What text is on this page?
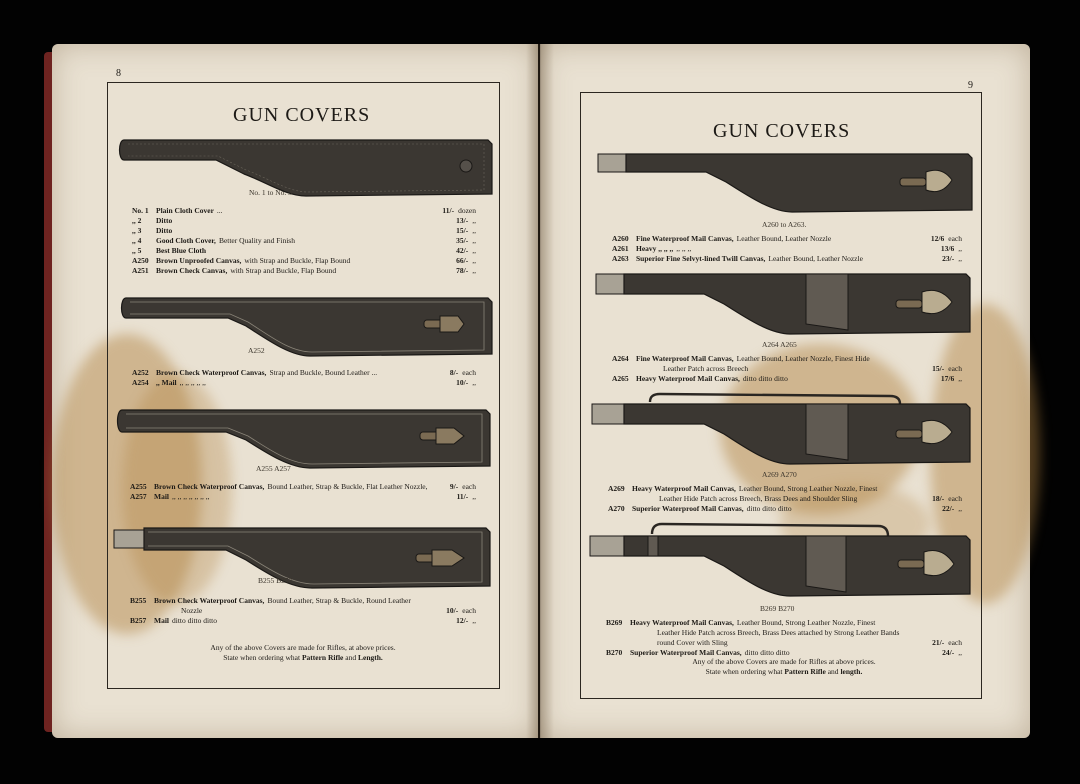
8
GUN COVERS
No. 1 to No. 5
No. 1 Plain Cloth Cover ...	11/- dozen
,, 2	Ditto	13/- ,,
,, 3	Ditto	15/- ,,
,, 4	Good Cloth Cover, Better Quality and Finish	35/- ,,
,, 5	Best Blue Cloth	42/- ,,
A250 Brown Unproofed Canvas, with Strap and Buckle, Flap Bound	66/- ,,
A251 Brown Check Canvas, with Strap and Buckle, Flap Bound	78/- ,,
A252
A252 Brown Check Waterproof Canvas, Strap and Buckle, Bound Leather ...	8/- each
A254 ,, Mail ,, ,, ,, ,, ,,	10/- ,,
A255 A257
A255 Brown Check Waterproof Canvas, Bound Leather, Strap & Buckle, Flat Leather Nozzle,	9/- each
A257 Mail ,, ,, ,, ,, ,, ,, ,,	11/- ,,
B255 B257
B255	Brown Check Waterproof Canvas, Bound Leather, Strap & Buckle, Round Leather
Nozzle	10/- each
B257	Mail ditto ditto ditto	12/- ,,
Any of the above Covers are made for Rifles, at above prices.
State when ordering what Pattern Rifle and Length.
9
GUN COVERS
A260 to A263.
A260 Fine Waterproof Mail Canvas, Leather Bound, Leather Nozzle	12/6 each
A261 Heavy ,, ,, ,, ,, ,, ,,	13/6 ,,
A263 Superior Fine Selvyt-lined Twill Canvas, Leather Bound, Leather Nozzle	23/- ,,
A264 A265
A264 Fine Waterproof Mail Canvas, Leather Bound, Leather Nozzle, Finest Hide
Leather Patch across Breech	15/- each
A265 Heavy Waterproof Mail Canvas, ditto ditto ditto	17/6 ,,
A269 A270
A269 Heavy Waterproof Mail Canvas, Leather Bound, Strong Leather Nozzle, Finest
Leather Hide Patch across Breech, Brass Dees and Shoulder Sling	18/- each
A270 Superior Waterproof Mail Canvas, ditto ditto ditto	22/- ,,
B269 B270
B269	Heavy Waterproof Mail Canvas, Leather Bound, Strong Leather Nozzle, Finest
Leather Hide Patch across Breech, Brass Dees attached by Strong Leather Bands
round Cover with Sling	21/- each
B270	Superior Waterproof Mail Canvas, ditto ditto ditto	24/- ,,
Any of the above Covers are made for Rifles at above prices.
State when ordering what Pattern Rifle and length.
